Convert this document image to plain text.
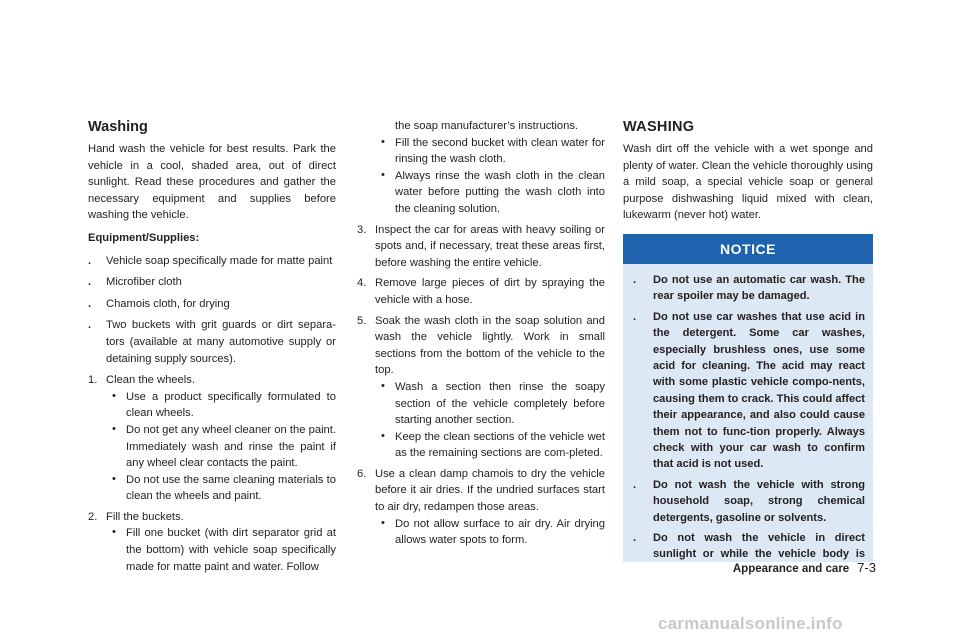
Washing

Hand wash the vehicle for best results. Park the vehicle in a cool, shaded area, out of direct sunlight. Read these procedures and gather the necessary equipment and supplies before washing the vehicle.

Equipment/Supplies:

. Vehicle soap specifically made for matte paint

. Microfiber cloth

. Chamois cloth, for drying

. Two buckets with grit guards or dirt separa-tors (available at many automotive supply or detaining supply sources).

1. Clean the wheels.

• Use a product specifically formulated to clean wheels.

• Do not get any wheel cleaner on the paint. Immediately wash and rinse the paint if any wheel clear contacts the paint.

• Do not use the same cleaning materials to clean the wheels and paint.

2. Fill the buckets.

• Fill one bucket (with dirt separator grid at the bottom) with vehicle soap specifically made for matte paint and water. Follow

the soap manufacturer’s instructions.

• Fill the second bucket with clean water for rinsing the wash cloth.

• Always rinse the wash cloth in the clean water before putting the wash cloth into the cleaning solution.

3. Inspect the car for areas with heavy soiling or spots and, if necessary, treat these areas first, before washing the entire vehicle.

4. Remove large pieces of dirt by spraying the vehicle with a hose.

5. Soak the wash cloth in the soap solution and wash the vehicle lightly. Work in small sections from the bottom of the vehicle to the top.

• Wash a section then rinse the soapy section of the vehicle completely before starting another section.

• Keep the clean sections of the vehicle wet as the remaining sections are com-pleted.

6. Use a clean damp chamois to dry the vehicle before it air dries. If the undried surfaces start to air dry, redampen those areas.

• Do not allow surface to air dry. Air drying allows water spots to form.

WASHING

Wash dirt off the vehicle with a wet sponge and plenty of water. Clean the vehicle thoroughly using a mild soap, a special vehicle soap or general purpose dishwashing liquid mixed with clean, lukewarm (never hot) water.

NOTICE
. Do not use an automatic car wash. The rear spoiler may be damaged.
. Do not use car washes that use acid in the detergent. Some car washes, especially brushless ones, use some acid for cleaning. The acid may react with some plastic vehicle compo-nents, causing them to crack. This could affect their appearance, and also could cause them not to func-tion properly. Always check with your car wash to confirm that acid is not used.
. Do not wash the vehicle with strong household soap, strong chemical detergents, gasoline or solvents.
. Do not wash the vehicle in direct sunlight or while the vehicle body is
Appearance and care 7-3
carmanualsonline.info
